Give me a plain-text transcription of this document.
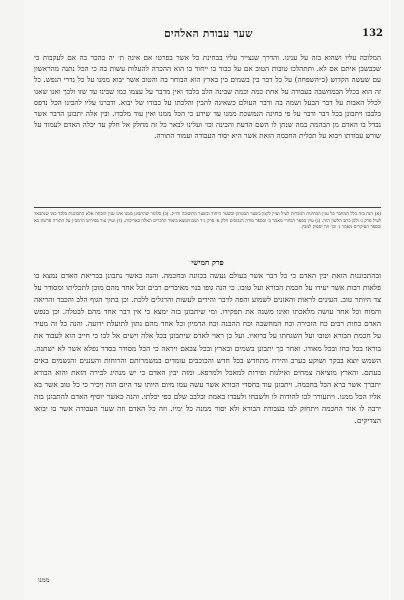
שער עבודת האלהים	132

המלוכה עליו ושהוא בזה על ענינו. והדרך שנצייר עליו בבחינת כל אשר בפרטו אם אינה ת׳ יה בהכר בה אם לעקבות כי שכבשבן איתם אם לא. ותתהלכו טובות הטוב אם על כבוד בו ייחוד בו הוא ההכרה להעלות עשות בה כי הכל נתנה מהראשון עם שעשה הקדוש (כ״השפחה) על כל דבר בין בשמים בין בארץ הוא הבוחר בה והטוב אשר יבוא ממנו על כל גדרי הנפש. כל זה הוא בכלל הבמחשבה בעבודה על אחת כמה וכמה שבינה הלב בלבד ואין מדבר על עצמו כמו שבינו עד שזו ולכך ואנו שאנו לכלל האבות על דבר הבעל ושמה בה ודבר העולם כשאיגה להבין והלכתו על כבודו של יבוא. ודברנו עליו להבינו הכל נדפס בלבבו ויתבונן בכל דבר ודבר על פי בחינה הנמשכת ממנו עד שידע כי הכל ממנו ואין עוד מלבדו. ובין אלה יתבונן הדבר אשר נבדל בו האדם מן הבהמה במה שנתן לו השם הדעת והבינה וכו׳ ועלינו לבאר כל זה מחלק אל חלק עד יכלה האדם לעמוד על שורש עבודתו ויבוא על תכלית החכמה הזאת אשר היא יסוד העבודה ועמוד התורה.

(א) הנה בזה כלל המחבר כל ענין הבחינות הנזכרות לעיל ועיין לקמן בשער הבטחון ובשער היחוד ובשער התשובה ודו״ק. (ב) כלומר שהתבונן ממנו אינו ענין הוכחה אלא התבוננות בלבד כמו שנתבאר לעיל פרק ג׳ ולכן כתב הלשון הזה. (ג) עיין בספר הכוזרי מאמר ב׳ ובספר מורה הנבוכים חלק א׳ פרק נ״ד ושם תמצא ביאור הדברים האלה באריכות. (ד) ועיין עוד בפירוש הרמב״ן על התורה פרשת בא ובספר העיקרים מאמר ג׳ וכו׳ וזה יספיק למבין.

פרק חמישי

ובהתבוננות הזאת יבין האדם כי כל דבר אשר בעולם נעשה בכוונה ובחכמה. והנה כאשר נתבונן בבריאת האדם נמצא בו פלאות רבות אשר יעידו על חכמת הבורא ועל טובו. כי הנה גופו בנוי מאיברים רבים וכל אחד מהם מוכן לתכליתו ומסודר על צד היותר טוב. העינים לראות והאזנים לשמוע והפה לדבר והידים לעשות והרגלים ללכת. וכן בתוך הגוף הלב והכבד והריאה והמוח וכל אחד עושה מלאכתו ואינו משנה את תפקידו. ומי שיתבונן בזה ימצא כי אין דבר אחד מהם לבטלה. וכן בנפש האדם כחות רבים כח הזכירה וכח המחשבה וכח ההבנה וכח הדמיון וכל אחד מהם נתון לתועלת ידועה. והנה כל זה מעיד על חכמת הבורא וטובו ועל השגחתו על ברואיו. ועל כן ראוי לאדם שיתבונן בכל אלה וישים אל לבו כי חייב הוא לעבוד את בוראו בכל כחו ובכל מאודו. ואחר כך יתבונן בשמים ובארץ ובכל צבאם ויראה כי הכל מסודר בסדר נפלא אשר לא ישתנה. השמש יוצא בבקר ושוקע בערב והירח מתחדש בכל חדש והכוכבים עומדים במשמרותם והרוחות והעננים והגשמים באים בעתם. והארץ מוציאה צמחים ואילנות ופירות למאכל ולמרפא. ומזה יבין האדם כי יש מנהיג לבירה הזאת והוא הבורא יתברך אשר ברא הכל בחכמה. ויתבונן עוד בחסדי הבורא אשר עשה עמו מיום היותו עד היום הזה ויכיר כי כל טוב אשר בא אליו הכל ממנו. ויתעורר לבו להודות לו ולשבחו ולעבדו באמת ובלבב שלם כפי יכלתו. והנה כאשר יוסיף האדם להתבונן בזה ירבה לו אור החכמה ויתחזק לבו בעבודת הבורא ולא יסור ממנה כל ימיו. וזה כל האדם וזה שער העבודה אשר בו יבואו הצדיקים.

ממנו
